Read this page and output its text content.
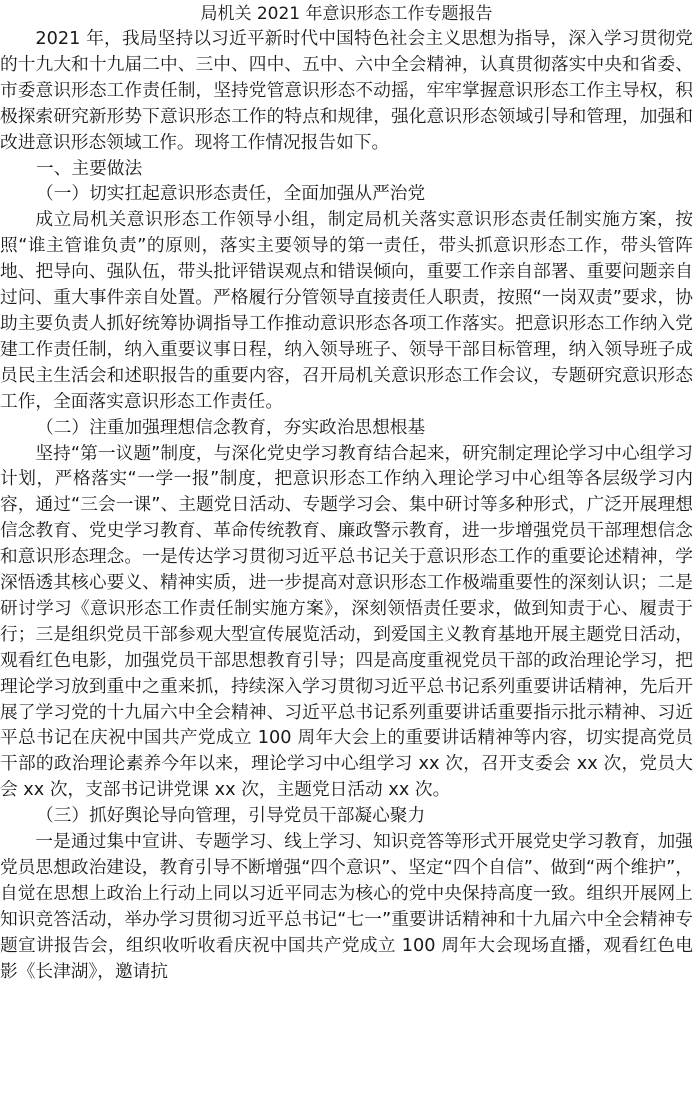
局机关 2021 年意识形态工作专题报告

2021 年，我局坚持以习近平新时代中国特色社会主义思想为指导，深入学习贯彻党的十九大和十九届二中、三中、四中、五中、六中全会精神，认真贯彻落实中央和省委、市委意识形态工作责任制，坚持党管意识形态不动摇，牢牢掌握意识形态工作主导权，积极探索研究新形势下意识形态工作的特点和规律，强化意识形态领域引导和管理，加强和改进意识形态领域工作。现将工作情况报告如下。

一、主要做法

（一）切实扛起意识形态责任，全面加强从严治党

成立局机关意识形态工作领导小组，制定局机关落实意识形态责任制实施方案，按照“谁主管谁负责”的原则，落实主要领导的第一责任，带头抓意识形态工作，带头管阵地、把导向、强队伍，带头批评错误观点和错误倾向，重要工作亲自部署、重要问题亲自过问、重大事件亲自处置。严格履行分管领导直接责任人职责，按照“一岗双责”要求，协助主要负责人抓好统筹协调指导工作推动意识形态各项工作落实。把意识形态工作纳入党建工作责任制，纳入重要议事日程，纳入领导班子、领导干部目标管理，纳入领导班子成员民主生活会和述职报告的重要内容，召开局机关意识形态工作会议，专题研究意识形态工作，全面落实意识形态工作责任。

（二）注重加强理想信念教育，夯实政治思想根基

坚持“第一议题”制度，与深化党史学习教育结合起来，研究制定理论学习中心组学习计划，严格落实“一学一报”制度，把意识形态工作纳入理论学习中心组等各层级学习内容，通过“三会一课”、主题党日活动、专题学习会、集中研讨等多种形式，广泛开展理想信念教育、党史学习教育、革命传统教育、廉政警示教育，进一步增强党员干部理想信念和意识形态理念。一是传达学习贯彻习近平总书记关于意识形态工作的重要论述精神，学深悟透其核心要义、精神实质，进一步提高对意识形态工作极端重要性的深刻认识；二是研讨学习《意识形态工作责任制实施方案》，深刻领悟责任要求，做到知责于心、履责于行；三是组织党员干部参观大型宣传展览活动，到爱国主义教育基地开展主题党日活动，观看红色电影，加强党员干部思想教育引导；四是高度重视党员干部的政治理论学习，把理论学习放到重中之重来抓，持续深入学习贯彻习近平总书记系列重要讲话精神，先后开展了学习党的十九届六中全会精神、习近平总书记系列重要讲话重要指示批示精神、习近平总书记在庆祝中国共产党成立 100 周年大会上的重要讲话精神等内容，切实提高党员干部的政治理论素养今年以来，理论学习中心组学习 xx 次，召开支委会 xx 次，党员大会 xx 次，支部书记讲党课 xx 次，主题党日活动 xx 次。

（三）抓好舆论导向管理，引导党员干部凝心聚力

一是通过集中宣讲、专题学习、线上学习、知识竞答等形式开展党史学习教育，加强党员思想政治建设，教育引导不断增强“四个意识”、坚定“四个自信”、做到“两个维护”，自觉在思想上政治上行动上同以习近平同志为核心的党中央保持高度一致。组织开展网上知识竞答活动，举办学习贯彻习近平总书记“七一”重要讲话精神和十九届六中全会精神专题宣讲报告会，组织收听收看庆祝中国共产党成立 100 周年大会现场直播，观看红色电影《长津湖》，邀请抗
